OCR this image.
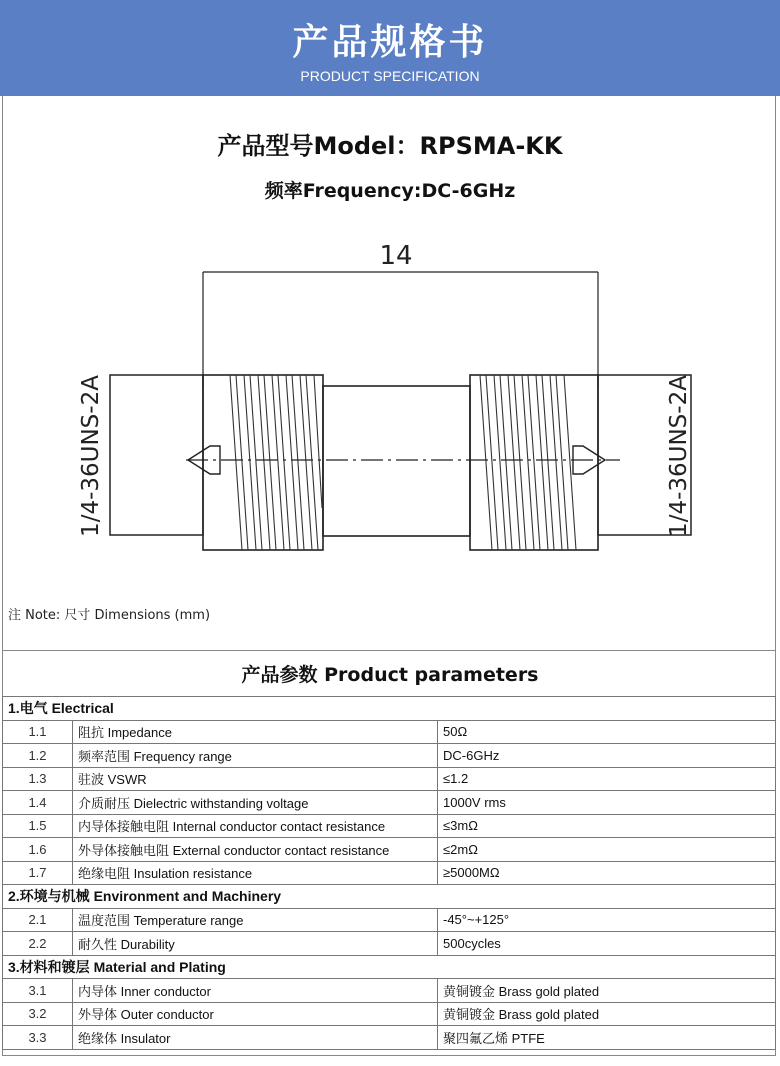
产品规格书
PRODUCT SPECIFICATION
产品型号Model：RPSMA-KK
频率Frequency:DC-6GHz
14
1/4-36UNS-2A	1/4-36UNS-2A
注 Note: 尺寸 Dimensions (mm)
产品参数 Product parameters
1.电气 Electrical		
1.1	阻抗 Impedance	50Ω
1.2	频率范围 Frequency range	DC-6GHz
1.3	驻波 VSWR	≤1.2
1.4	介质耐压 Dielectric withstanding voltage	1000V rms
1.5	内导体接触电阻 Internal conductor contact resistance	≤3mΩ
1.6	外导体接触电阻 External conductor contact resistance	≤2mΩ
1.7	绝缘电阻 Insulation resistance	≥5000MΩ
2.环境与机械 Environment and Machinery		
2.1	温度范围 Temperature range	-45°~+125°
2.2	耐久性 Durability	500cycles
3.材料和镀层 Material and Plating		
3.1	内导体 Inner conductor	黄铜镀金 Brass gold plated
3.2	外导体 Outer conductor	黄铜镀金 Brass gold plated
3.3	绝缘体 Insulator	聚四氟乙烯 PTFE
